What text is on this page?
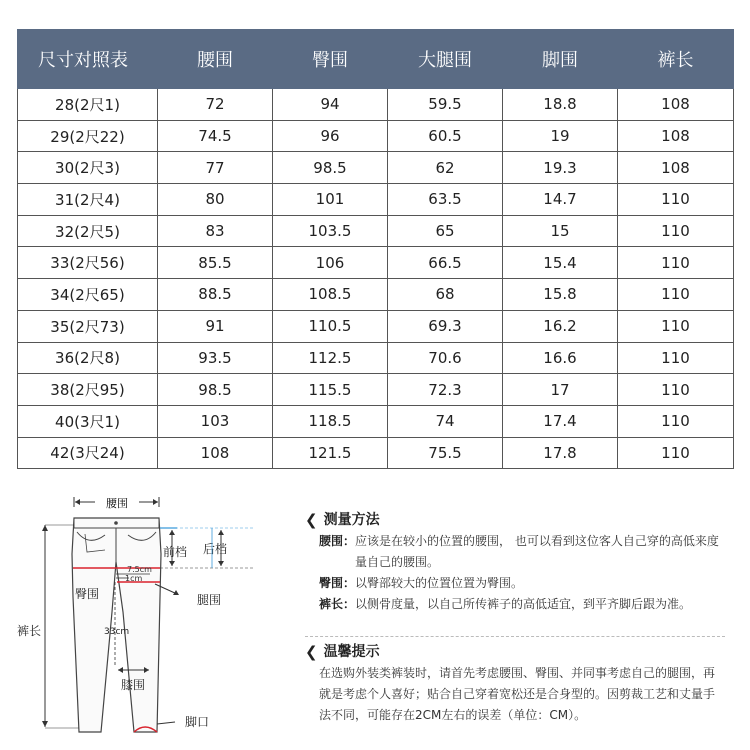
尺寸对照表	腰围	臀围	大腿围	脚围	裤长
28(2尺1)	72	94	59.5	18.8	108
29(2尺22)	74.5	96	60.5	19	108
30(2尺3)	77	98.5	62	19.3	108
31(2尺4)	80	101	63.5	14.7	110
32(2尺5)	83	103.5	65	15	110
33(2尺56)	85.5	106	66.5	15.4	110
34(2尺65)	88.5	108.5	68	15.8	110
35(2尺73)	91	110.5	69.3	16.2	110
36(2尺8)	93.5	112.5	70.6	16.6	110
38(2尺95)	98.5	115.5	72.3	17	110
40(3尺1)	103	118.5	74	17.4	110
42(3尺24)	108	121.5	75.5	17.8	110
腰围
7.5cm
1cm
前档 后档
臀围	腿围
裤长	33cm
膝围
脚口
❮ 测量方法
腰围： 应该是在较小的位置的腰围， 也可以看到这位客人自己穿的高低来度量自己的腰围。
臀围： 以臀部较大的位置位置为臀围。
裤长： 以侧骨度量，以自己所传裤子的高低适宜，到平齐脚后跟为准。
❮ 温馨提示
在选购外装类裤装时，请首先考虑腰围、臀围、并同事考虑自己的腿围，再就是考虑个人喜好；贴合自己穿着宽松还是合身型的。因剪裁工艺和丈量手法不同，可能存在2CM左右的误差（单位：CM）。
